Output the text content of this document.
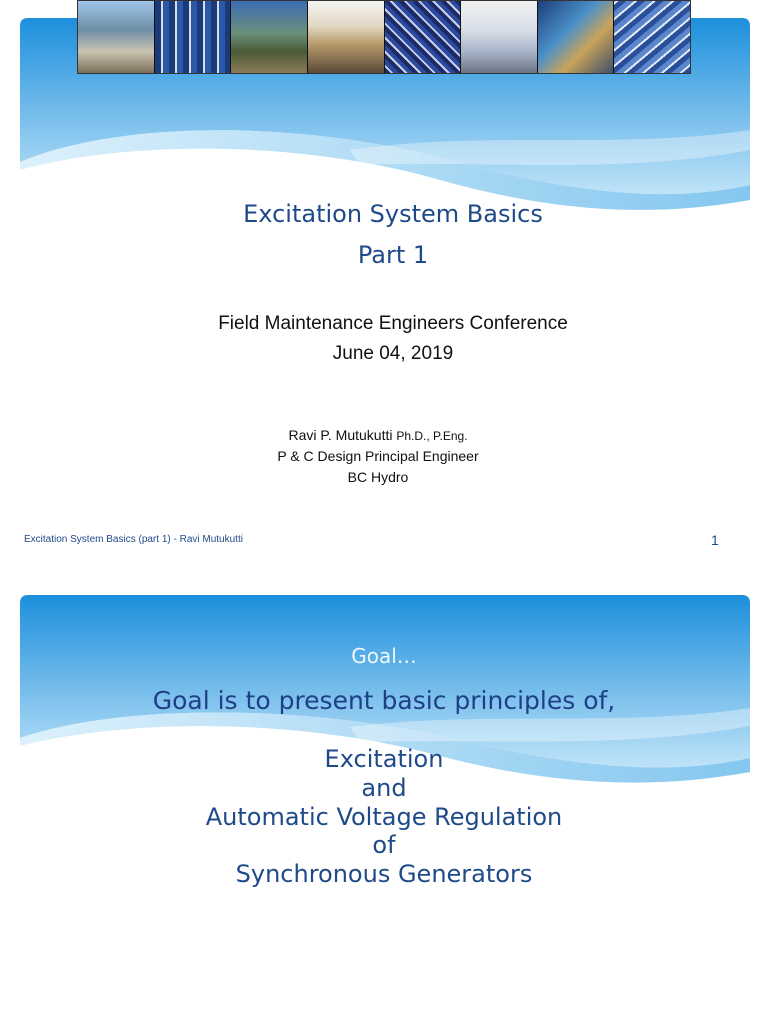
Excitation System Basics
Part 1
Field Maintenance Engineers Conference
June 04, 2019
Ravi P. Mutukutti Ph.D., P.Eng.
P & C Design Principal Engineer
BC Hydro
Excitation System Basics (part 1) - Ravi Mutukutti	1
Goal…
Goal is to present basic principles of,
Excitation
and
Automatic Voltage Regulation
of
Synchronous Generators
